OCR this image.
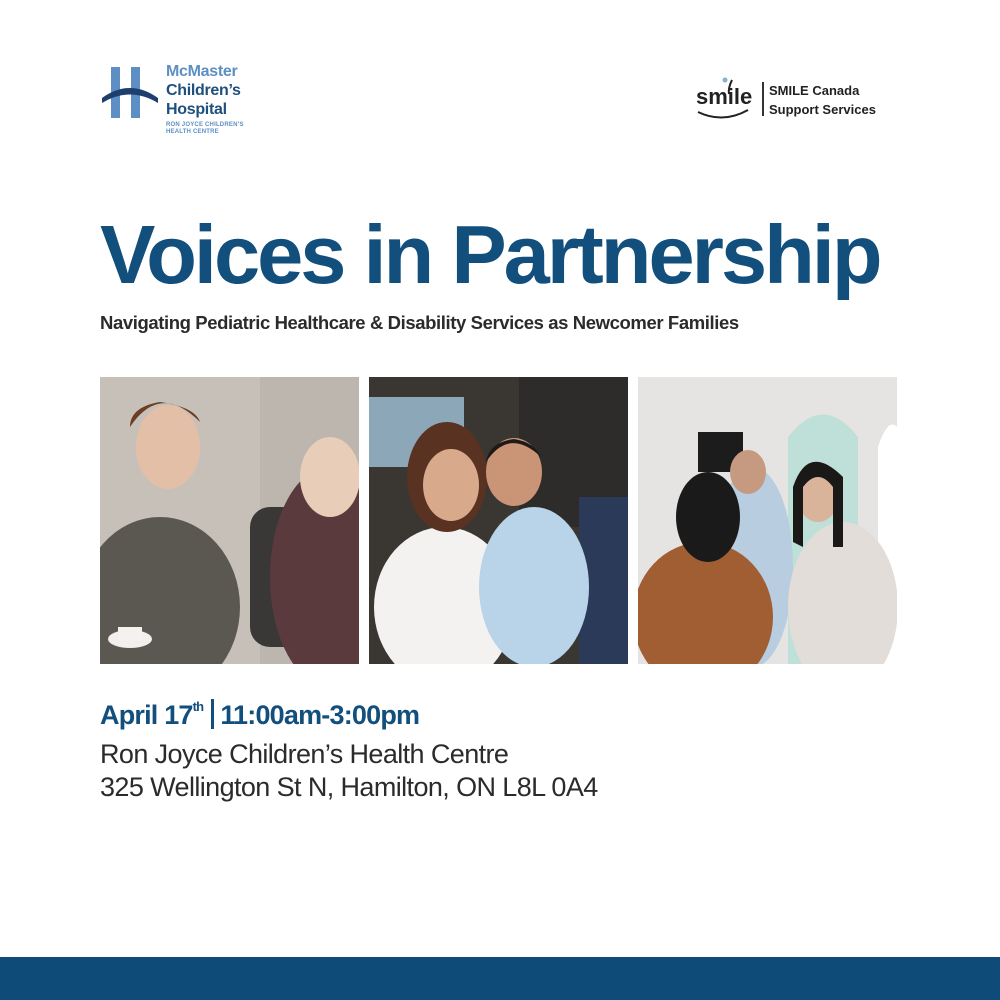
McMaster
Children’s
Hospital
RON JOYCE CHILDREN’S
HEALTH CENTRE
smile SMILE Canada
Support Services
Voices in Partnership
Navigating Pediatric Healthcare & Disability Services as Newcomer Families
April 17th 11:00am-3:00pm
Ron Joyce Children’s Health Centre
325 Wellington St N, Hamilton, ON L8L 0A4
